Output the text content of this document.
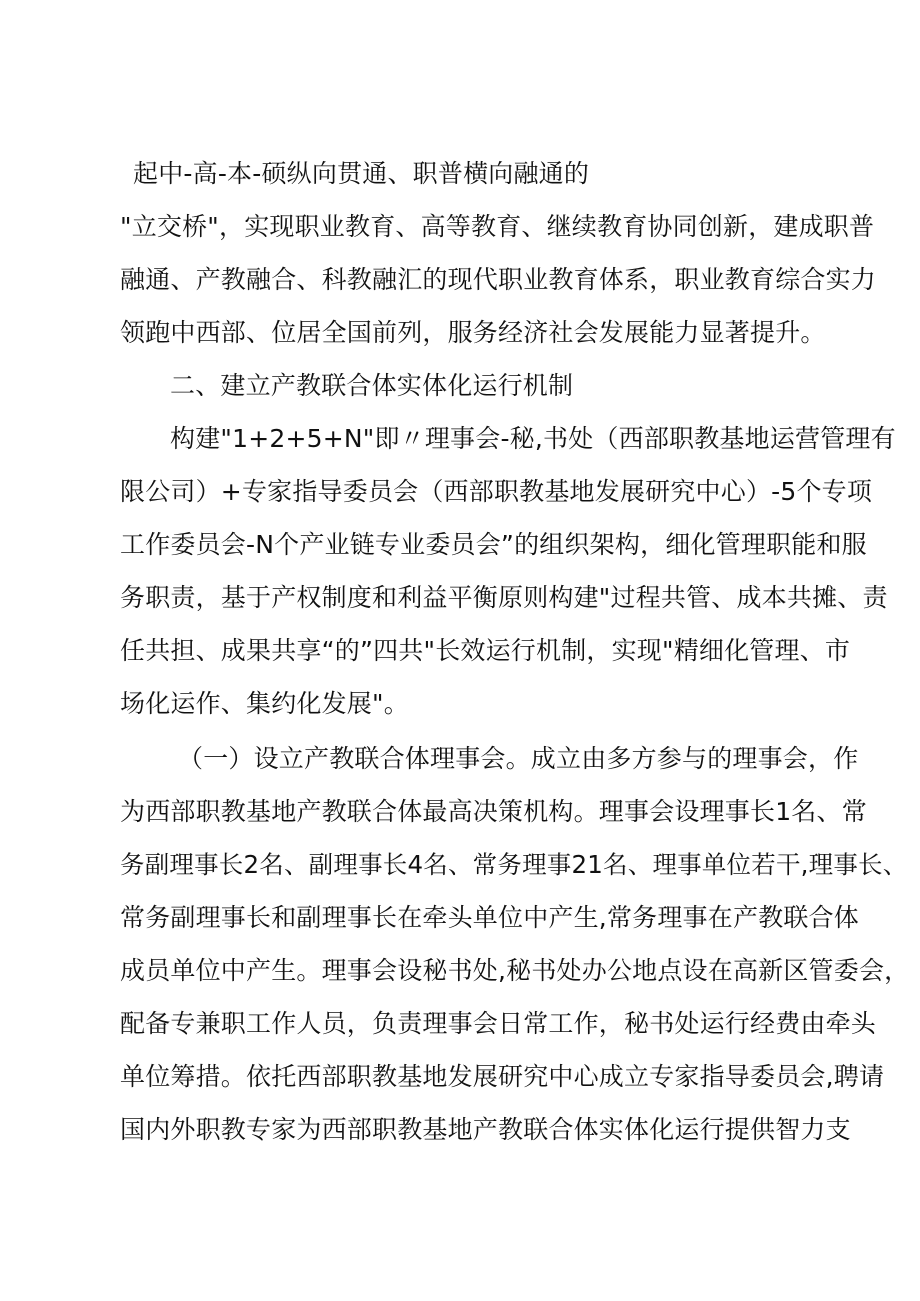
起中-高-本-硕纵向贯通、职普横向融通的
"立交桥"，实现职业教育、高等教育、继续教育协同创新，建成职普
融通、产教融合、科教融汇的现代职业教育体系，职业教育综合实力
领跑中西部、位居全国前列，服务经济社会发展能力显著提升。
二、建立产教联合体实体化运行机制
构建"1+2+5+N"即〃理事会-秘,书处（西部职教基地运营管理有
限公司）+专家指导委员会（西部职教基地发展研究中心）-5个专项
工作委员会-N个产业链专业委员会”的组织架构，细化管理职能和服
务职责，基于产权制度和利益平衡原则构建"过程共管、成本共摊、责
任共担、成果共享“的”四共"长效运行机制，实现"精细化管理、市
场化运作、集约化发展"。
（一）设立产教联合体理事会。成立由多方参与的理事会，作
为西部职教基地产教联合体最高决策机构。理事会设理事长1名、常
务副理事长2名、副理事长4名、常务理事21名、理事单位若干,理事长、
常务副理事长和副理事长在牵头单位中产生,常务理事在产教联合体
成员单位中产生。理事会设秘书处,秘书处办公地点设在高新区管委会，
配备专兼职工作人员，负责理事会日常工作，秘书处运行经费由牵头
单位筹措。依托西部职教基地发展研究中心成立专家指导委员会,聘请
国内外职教专家为西部职教基地产教联合体实体化运行提供智力支
